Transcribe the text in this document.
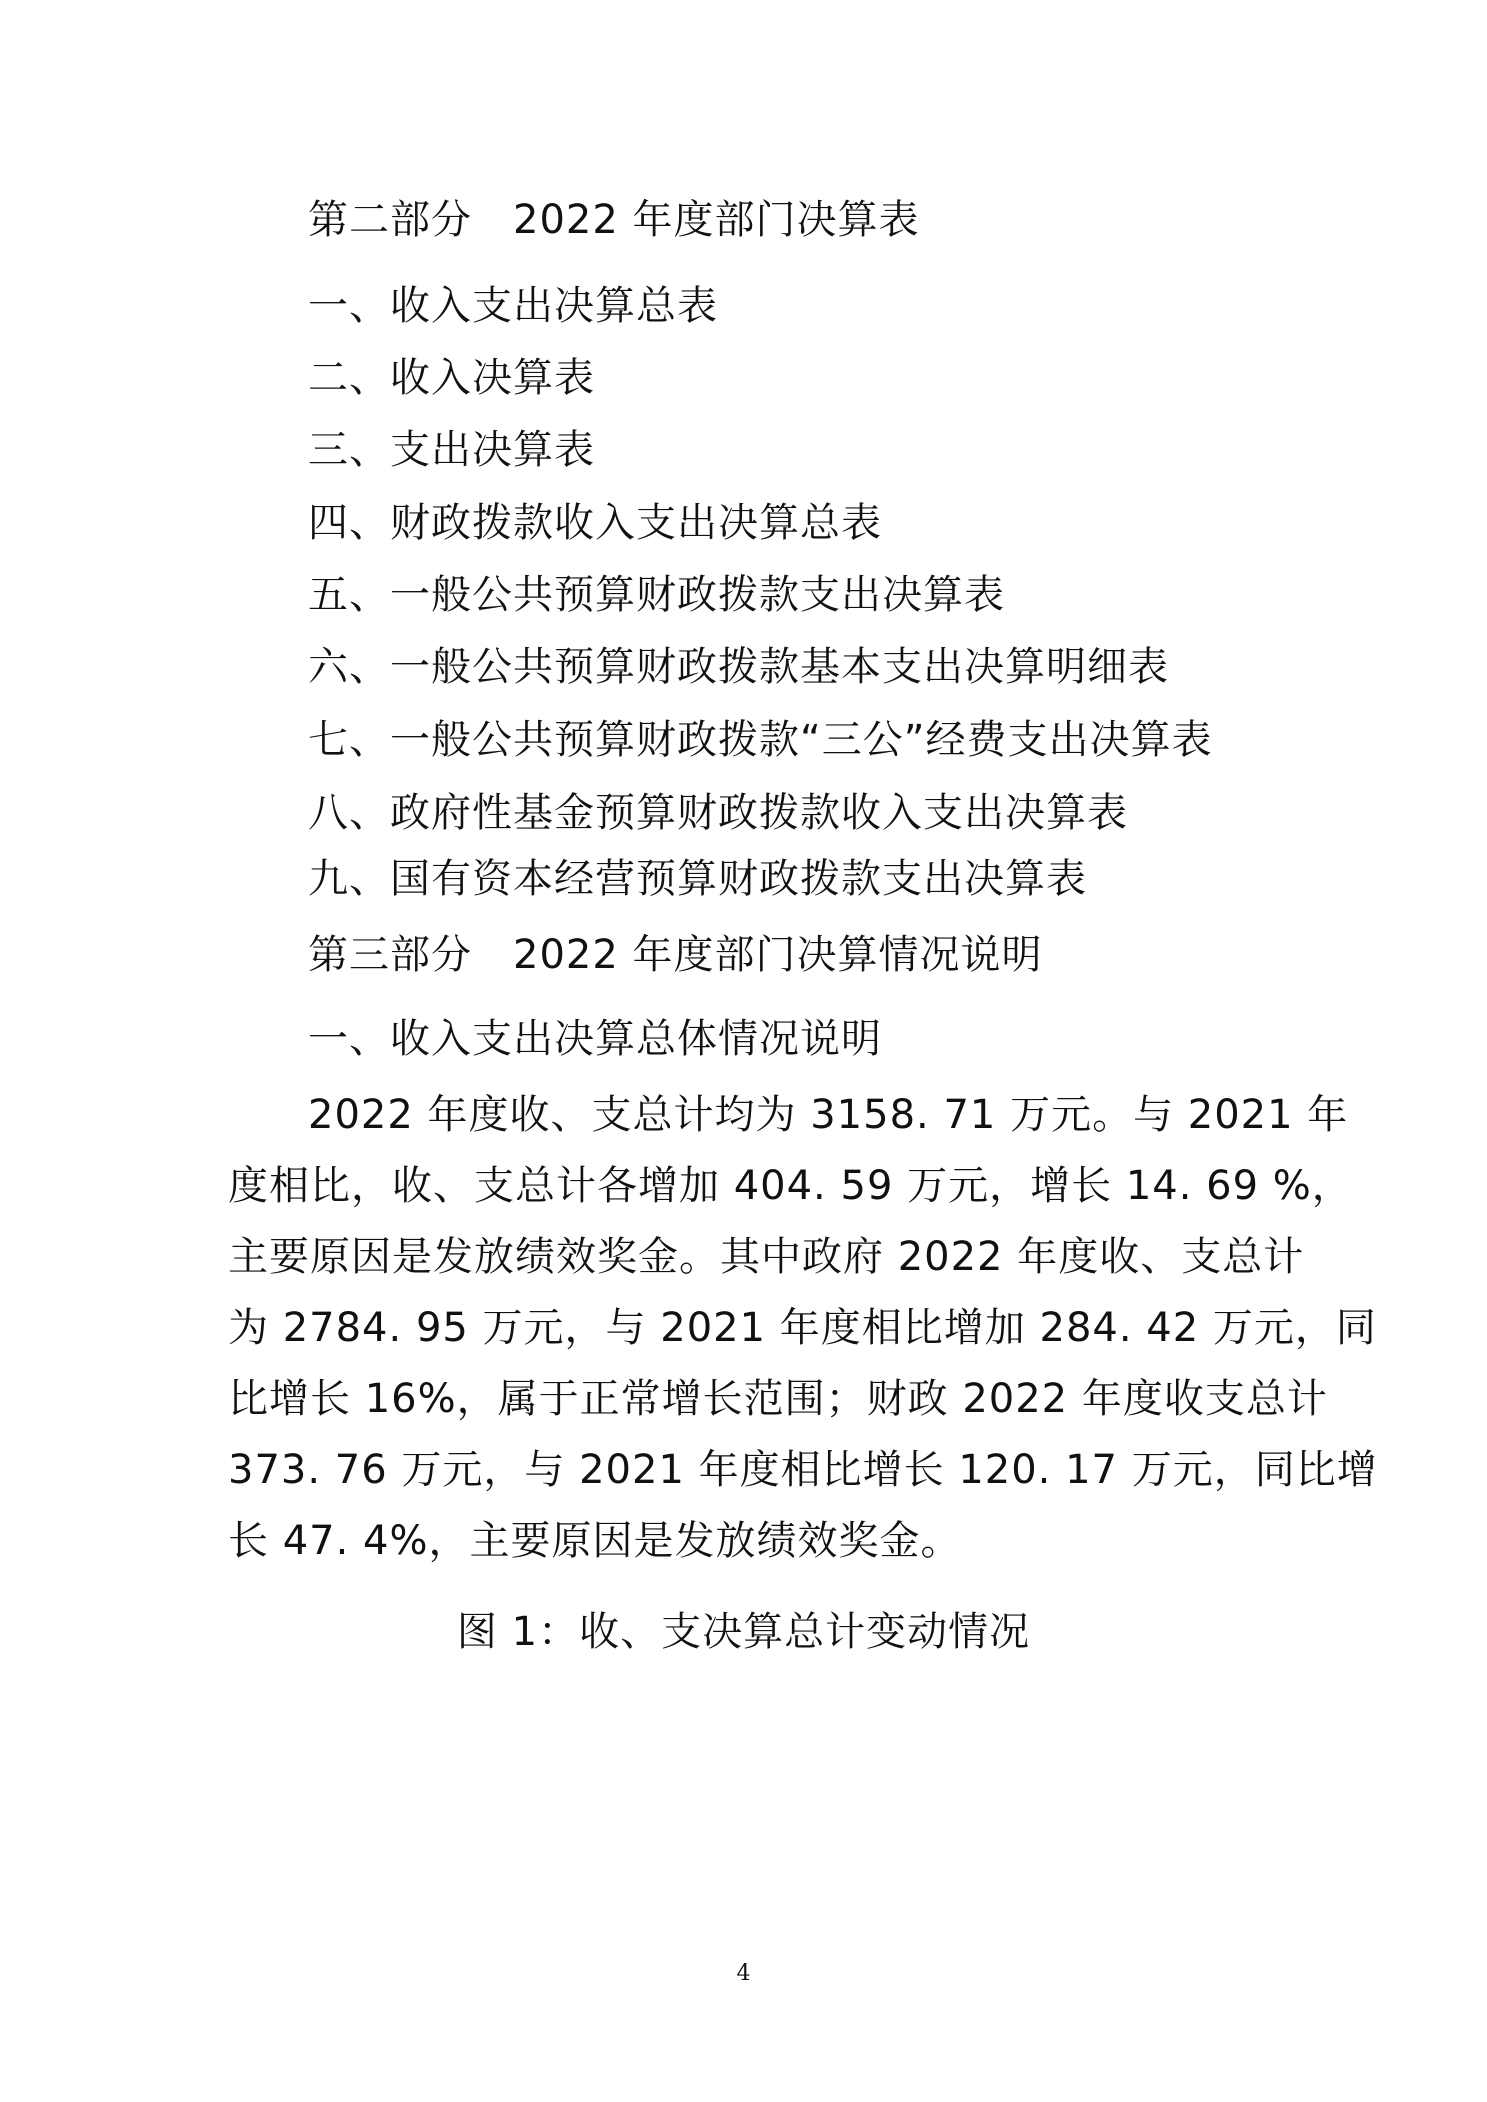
第二部分　2022 年度部门决算表
一、收入支出决算总表
二、收入决算表
三、支出决算表
四、财政拨款收入支出决算总表
五、一般公共预算财政拨款支出决算表
六、一般公共预算财政拨款基本支出决算明细表
七、一般公共预算财政拨款“三公”经费支出决算表
八、政府性基金预算财政拨款收入支出决算表
九、国有资本经营预算财政拨款支出决算表
第三部分　2022 年度部门决算情况说明
一、收入支出决算总体情况说明
2022 年度收、支总计均为 3158. 71 万元。与 2021 年
度相比，收、支总计各增加 404. 59 万元，增长 14. 69 %，
主要原因是发放绩效奖金。其中政府 2022 年度收、支总计
为 2784. 95 万元，与 2021 年度相比增加 284. 42 万元，同
比增长 16%，属于正常增长范围；财政 2022 年度收支总计
373. 76 万元，与 2021 年度相比增长 120. 17 万元，同比增
长 47. 4%，主要原因是发放绩效奖金。
图 1：收、支决算总计变动情况
4
